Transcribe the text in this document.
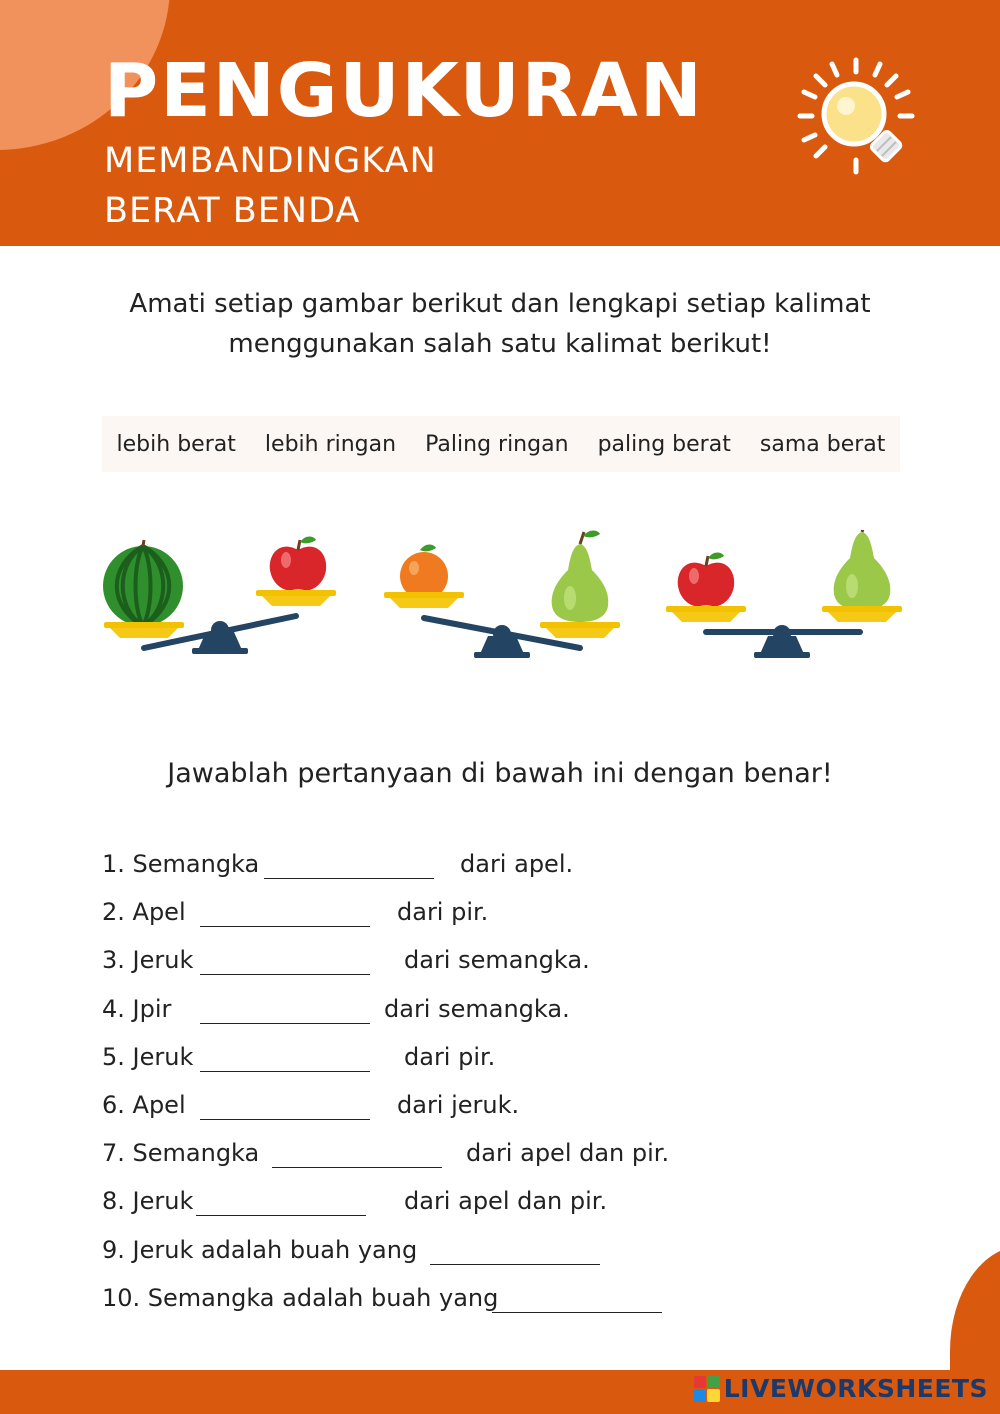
PENGUKURAN
MEMBANDINGKAN
BERAT BENDA

Amati setiap gambar berikut dan lengkapi setiap kalimat menggunakan salah satu kalimat berikut!

lebih berat lebih ringan Paling ringan paling berat sama berat

Jawablah pertanyaan di bawah ini dengan benar!

1. Semangka	dari apel.
2. Apel	dari pir.
3. Jeruk	dari semangka.
4. Jpir	dari semangka.
5. Jeruk	dari pir.
6. Apel	dari jeruk.
7. Semangka	dari apel dan pir.
8. Jeruk	dari apel dan pir.
9. Jeruk adalah buah yang
10. Semangka adalah buah yang
LIVEWORKSHEETS
